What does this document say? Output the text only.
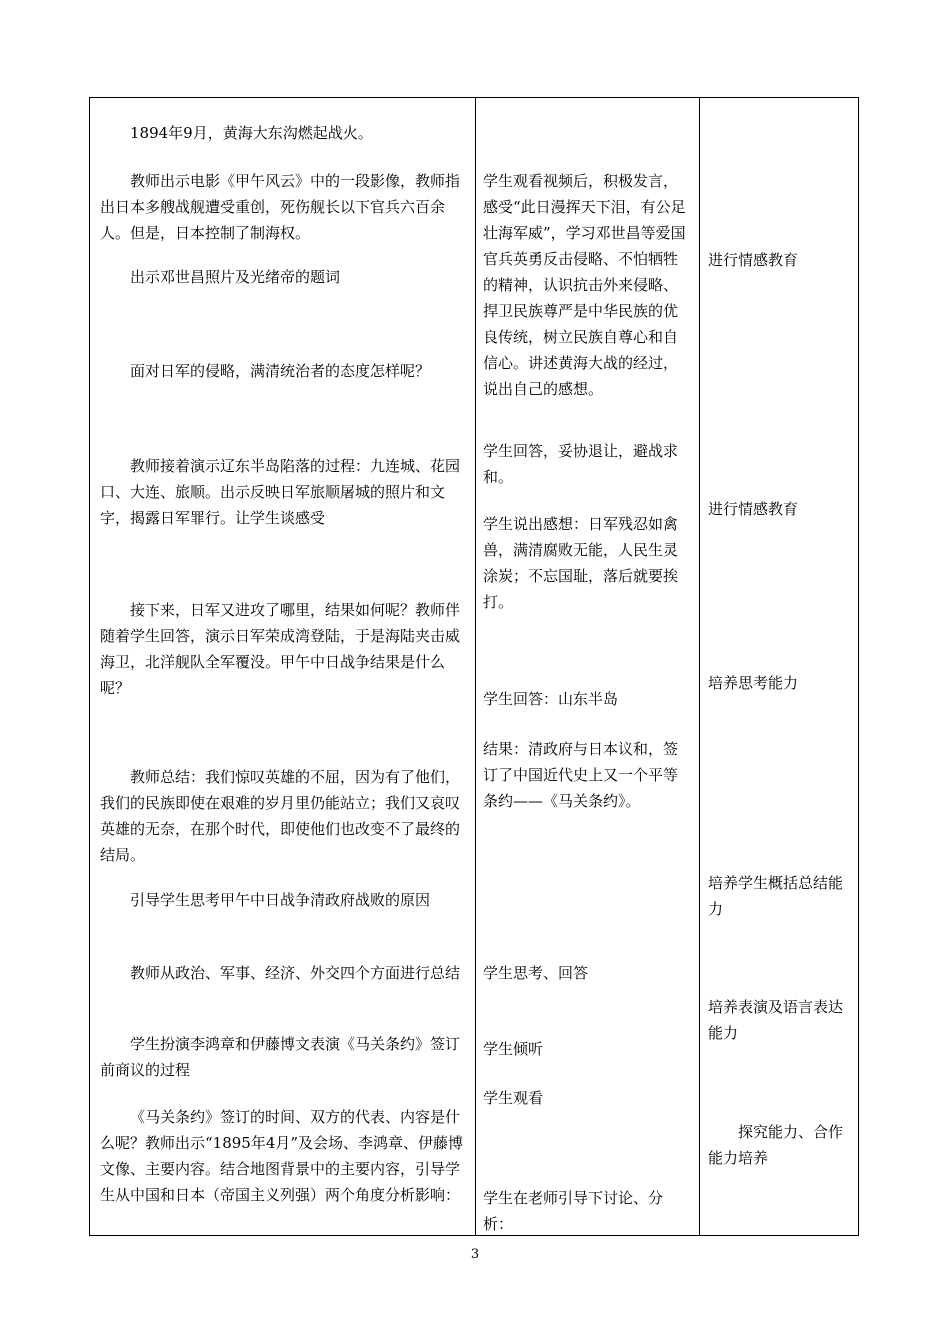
1894年9月，黄海大东沟燃起战火。
教师出示电影《甲午风云》中的一段影像，教师指出日本多艘战舰遭受重创，死伤舰长以下官兵六百余人。但是，日本控制了制海权。
出示邓世昌照片及光绪帝的题词
面对日军的侵略，满清统治者的态度怎样呢？
教师接着演示辽东半岛陷落的过程：九连城、花园口、大连、旅顺。出示反映日军旅顺屠城的照片和文字，揭露日军罪行。让学生谈感受
接下来，日军又进攻了哪里，结果如何呢？教师伴随着学生回答，演示日军荣成湾登陆，于是海陆夹击威海卫，北洋舰队全军覆没。甲午中日战争结果是什么呢？
教师总结：我们惊叹英雄的不屈，因为有了他们，我们的民族即使在艰难的岁月里仍能站立；我们又哀叹英雄的无奈，在那个时代，即使他们也改变不了最终的结局。
引导学生思考甲午中日战争清政府战败的原因
教师从政治、军事、经济、外交四个方面进行总结
学生扮演李鸿章和伊藤博文表演《马关条约》签订前商议的过程
《马关条约》签订的时间、双方的代表、内容是什么呢？教师出示“1895年4月”及会场、李鸿章、伊藤博文像、主要内容。结合地图背景中的主要内容，引导学生从中国和日本（帝国主义列强）两个角度分析影响：
学生观看视频后，积极发言，感受“此日漫挥天下泪，有公足壮海军威”，学习邓世昌等爱国官兵英勇反击侵略、不怕牺牲的精神，认识抗击外来侵略、捍卫民族尊严是中华民族的优良传统，树立民族自尊心和自信心。讲述黄海大战的经过，说出自己的感想。
学生回答，妥协退让，避战求和。
学生说出感想：日军残忍如禽兽，满清腐败无能，人民生灵涂炭；不忘国耻，落后就要挨打。
学生回答：山东半岛
结果：清政府与日本议和，签订了中国近代史上又一个平等条约——《马关条约》。
学生思考、回答
学生倾听
学生观看
学生在老师引导下讨论、分析：
进行情感教育
进行情感教育
培养思考能力
培养学生概括总结能力
培养表演及语言表达能力
探究能力、合作能力培养
3
